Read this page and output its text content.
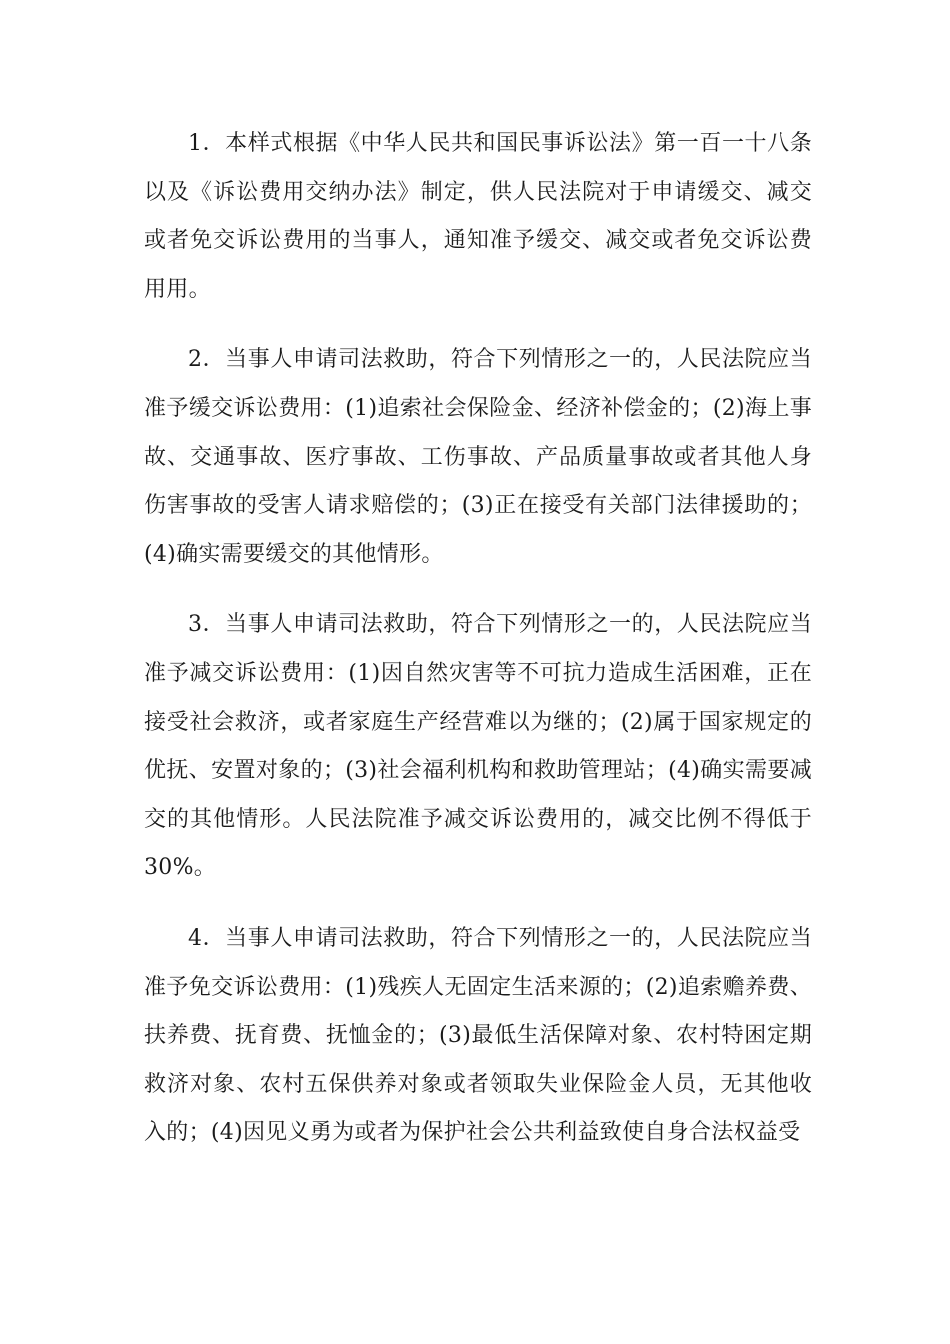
1．本样式根据《中华人民共和国民事诉讼法》第一百一十八条以及《诉讼费用交纳办法》制定，供人民法院对于申请缓交、减交或者免交诉讼费用的当事人，通知准予缓交、减交或者免交诉讼费用用。

2．当事人申请司法救助，符合下列情形之一的，人民法院应当准予缓交诉讼费用：(1)追索社会保险金、经济补偿金的；(2)海上事故、交通事故、医疗事故、工伤事故、产品质量事故或者其他人身伤害事故的受害人请求赔偿的；(3)正在接受有关部门法律援助的；(4)确实需要缓交的其他情形。

3．当事人申请司法救助，符合下列情形之一的，人民法院应当准予减交诉讼费用：(1)因自然灾害等不可抗力造成生活困难，正在接受社会救济，或者家庭生产经营难以为继的；(2)属于国家规定的优抚、安置对象的；(3)社会福利机构和救助管理站；(4)确实需要减交的其他情形。人民法院准予减交诉讼费用的，减交比例不得低于30%。

4．当事人申请司法救助，符合下列情形之一的，人民法院应当准予免交诉讼费用：(1)残疾人无固定生活来源的；(2)追索赡养费、扶养费、抚育费、抚恤金的；(3)最低生活保障对象、农村特困定期救济对象、农村五保供养对象或者领取失业保险金人员，无其他收入的；(4)因见义勇为或者为保护社会公共利益致使自身合法权益受
